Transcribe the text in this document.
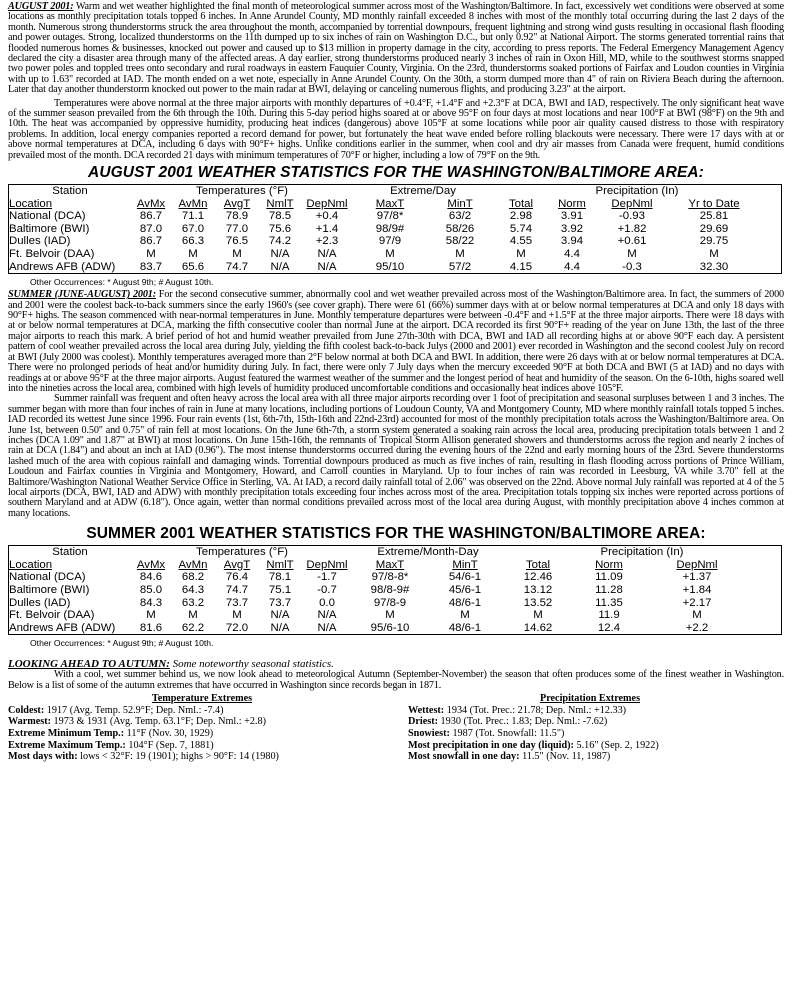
AUGUST 2001: Warm and wet weather highlighted the final month of meteorological summer across most of the Washington/Baltimore. In fact, excessively wet conditions were observed at some locations as monthly precipitation totals topped 6 inches. In Anne Arundel County, MD monthly rainfall exceeded 8 inches with most of the monthly total occurring during the last 2 days of the month. Numerous strong thunderstorms struck the area throughout the month, accompanied by torrential downpours, frequent lightning and strong wind gusts resulting in occasional flash flooding and power outages. Strong, localized thunderstorms on the 11th dumped up to six inches of rain on Washington D.C., but only 0.92" at National Airport. The storms generated torrential rains that flooded numerous homes & businesses, knocked out power and caused up to $13 million in property damage in the city, according to press reports. The Federal Emergency Management Agency declared the city a disaster area through many of the affected areas. A day earlier, strong thunderstorms produced nearly 3 inches of rain in Oxon Hill, MD, while to the southwest storms snapped two power poles and toppled trees onto secondary and rural roadways in eastern Fauquier County, Virginia. On the 23rd, thunderstorms soaked portions of Fairfax and Loudon counties in Virginia with up to 1.63" recorded at IAD. The month ended on a wet note, especially in Anne Arundel County. On the 30th, a storm dumped more than 4" of rain on Riviera Beach during the afternoon. Later that day another thunderstorm knocked out power to the main radar at BWI, delaying or canceling numerous flights, and producing 3.23" at the airport.

Temperatures were above normal at the three major airports with monthly departures of +0.4°F, +1.4°F and +2.3°F at DCA, BWI and IAD, respectively. The only significant heat wave of the summer season prevailed from the 6th through the 10th. During this 5-day period highs soared at or above 95°F on four days at most locations and near 100°F at BWI (98°F) on the 9th and 10th. The heat was accompanied by oppressive humidity, producing heat indices (dangerous) above 105°F at some locations while poor air quality caused distress to those with respiratory problems. In addition, local energy companies reported a record demand for power, but fortunately the heat wave ended before rolling blackouts were necessary. There were 17 days with at or above normal temperatures at DCA, including 6 days with 90°F+ highs. Unlike conditions earlier in the summer, when cool and dry air masses from Canada were frequent, humid conditions prevailed most of the month. DCA recorded 21 days with minimum temperatures of 70°F or higher, including a low of 79°F on the 9th.

AUGUST 2001 WEATHER STATISTICS FOR THE WASHINGTON/BALTIMORE AREA:
Station	Temperatures (°F)	Extreme/Day	Precipitation (In)
Location	AvMx	AvMn	AvgT	NmlT	DepNml	MaxT	MinT	Total	Norm	DepNml	Yr to Date
National (DCA)	86.7	71.1	78.9	78.5	+0.4	97/8*	63/2	2.98	3.91	-0.93	25.81
Baltimore (BWI)	87.0	67.0	77.0	75.6	+1.4	98/9#	58/26	5.74	3.92	+1.82	29.69
Dulles (IAD)	86.7	66.3	76.5	74.2	+2.3	97/9	58/22	4.55	3.94	+0.61	29.75
Ft. Belvoir (DAA)	M	M	M	N/A	N/A	M	M	M	4.4	M	M
Andrews AFB (ADW)	83.7	65.6	74.7	N/A	N/A	95/10	57/2	4.15	4.4	-0.3	32.30
Other Occurrences: * August 9th; # August 10th.

SUMMER (JUNE-AUGUST) 2001: For the second consecutive summer, abnormally cool and wet weather prevailed across most of the Washington/Baltimore area. In fact, the summers of 2000 and 2001 were the coolest back-to-back summers since the early 1960's (see cover graph). There were 61 (66%) summer days with at or below normal temperatures at DCA and only 18 days with 90°F+ highs. The season commenced with near-normal temperatures in June. Monthly temperature departures were between -0.4°F and +1.5°F at the three major airports. There were 18 days with at or below normal temperatures at DCA, marking the fifth consecutive cooler than normal June at the airport. DCA recorded its first 90°F+ reading of the year on June 13th, the last of the three major airports to reach this mark. A brief period of hot and humid weather prevailed from June 27th-30th with DCA, BWI and IAD all recording highs at or above 90°F each day. A persistent pattern of cool weather prevailed across the local area during July, yielding the fifth coolest back-to-back Julys (2000 and 2001) ever recorded in Washington and the second coolest July on record at BWI (July 2000 was coolest). Monthly temperatures averaged more than 2°F below normal at both DCA and BWI. In addition, there were 26 days with at or below normal temperatures at DCA. There were no prolonged periods of heat and/or humidity during July. In fact, there were only 7 July days when the mercury exceeded 90°F at both DCA and BWI (5 at IAD) and no days with readings at or above 95°F at the three major airports. August featured the warmest weather of the summer and the longest period of heat and humidity of the season. On the 6-10th, highs soared well into the nineties across the local area, combined with high levels of humidity produced uncomfortable conditions and occasionally heat indices above 105°F.

Summer rainfall was frequent and often heavy across the local area with all three major airports recording over 1 foot of precipitation and seasonal surpluses between 1 and 3 inches. The summer began with more than four inches of rain in June at many locations, including portions of Loudoun County, VA and Montgomery County, MD where monthly rainfall totals topped 5 inches. IAD recorded its wettest June since 1996. Four rain events (1st, 6th-7th, 15th-16th and 22nd-23rd) accounted for most of the monthly precipitation totals across the Washington/Baltimore area. On June 1st, between 0.50" and 0.75" of rain fell at most locations. On the June 6th-7th, a storm system generated a soaking rain across the local area, producing precipitation totals between 1 and 2 inches (DCA 1.09" and 1.87" at BWI) at most locations. On June 15th-16th, the remnants of Tropical Storm Allison generated showers and thunderstorms across the region and nearly 2 inches of rain at DCA (1.84") and about an inch at IAD (0.96"). The most intense thunderstorms occurred during the evening hours of the 22nd and early morning hours of the 23rd. Severe thunderstorms lashed much of the area with copious rainfall and damaging winds. Torrential downpours produced as much as five inches of rain, resulting in flash flooding across portions of Prince William, Loudoun and Fairfax counties in Virginia and Montgomery, Howard, and Carroll counties in Maryland. Up to four inches of rain was recorded in Leesburg, VA while 3.70" fell at the Baltimore/Washington National Weather Service Office in Sterling, VA. At IAD, a record daily rainfall total of 2.06" was observed on the 22nd. Above normal July rainfall was reported at 4 of the 5 local airports (DCA, BWI, IAD and ADW) with monthly precipitation totals exceeding four inches across most of the area. Precipitation totals topping six inches were reported across portions of southern Maryland and at ADW (6.18"). Once again, wetter than normal conditions prevailed across most of the local area during August, with monthly precipitation above 4 inches common at many locations.

SUMMER 2001 WEATHER STATISTICS FOR THE WASHINGTON/BALTIMORE AREA:
Station	Temperatures (°F)	Extreme/Month-Day	Precipitation (In)
Location	AvMx	AvMn	AvgT	NmlT	DepNml	MaxT	MinT	Total	Norm	DepNml
National (DCA)	84.6	68.2	76.4	78.1	-1.7	97/8-8*	54/6-1	12.46	11.09	+1.37
Baltimore (BWI)	85.0	64.3	74.7	75.1	-0.7	98/8-9#	45/6-1	13.12	11.28	+1.84
Dulles (IAD)	84.3	63.2	73.7	73.7	0.0	97/8-9	48/6-1	13.52	11.35	+2.17
Ft. Belvoir (DAA)	M	M	M	N/A	N/A	M	M	M	11.9	M
Andrews AFB (ADW)	81.6	62.2	72.0	N/A	N/A	95/6-10	48/6-1	14.62	12.4	+2.2
Other Occurrences: * August 9th; # August 10th.
LOOKING AHEAD TO AUTUMN: Some noteworthy seasonal statistics.

With a cool, wet summer behind us, we now look ahead to meteorological Autumn (September-November) the season that often produces some of the finest weather in Washington. Below is a list of some of the autumn extremes that have occurred in Washington since records began in 1871.

Temperature Extremes
Coldest: 1917 (Avg. Temp. 52.9°F; Dep. Nml.: -7.4)
Warmest: 1973 & 1931 (Avg. Temp. 63.1°F; Dep. Nml.: +2.8)
Extreme Minimum Temp.: 11°F (Nov. 30, 1929)
Extreme Maximum Temp.: 104°F (Sep. 7, 1881)
Most days with: lows < 32°F: 19 (1901); highs > 90°F: 14 (1980)
Precipitation Extremes
Wettest: 1934 (Tot. Prec.: 21.78; Dep. Nml.: +12.33)
Driest: 1930 (Tot. Prec.: 1.83; Dep. Nml.: -7.62)
Snowiest: 1987 (Tot. Snowfall: 11.5")
Most precipitation in one day (liquid): 5.16" (Sep. 2, 1922)
Most snowfall in one day: 11.5" (Nov. 11, 1987)
